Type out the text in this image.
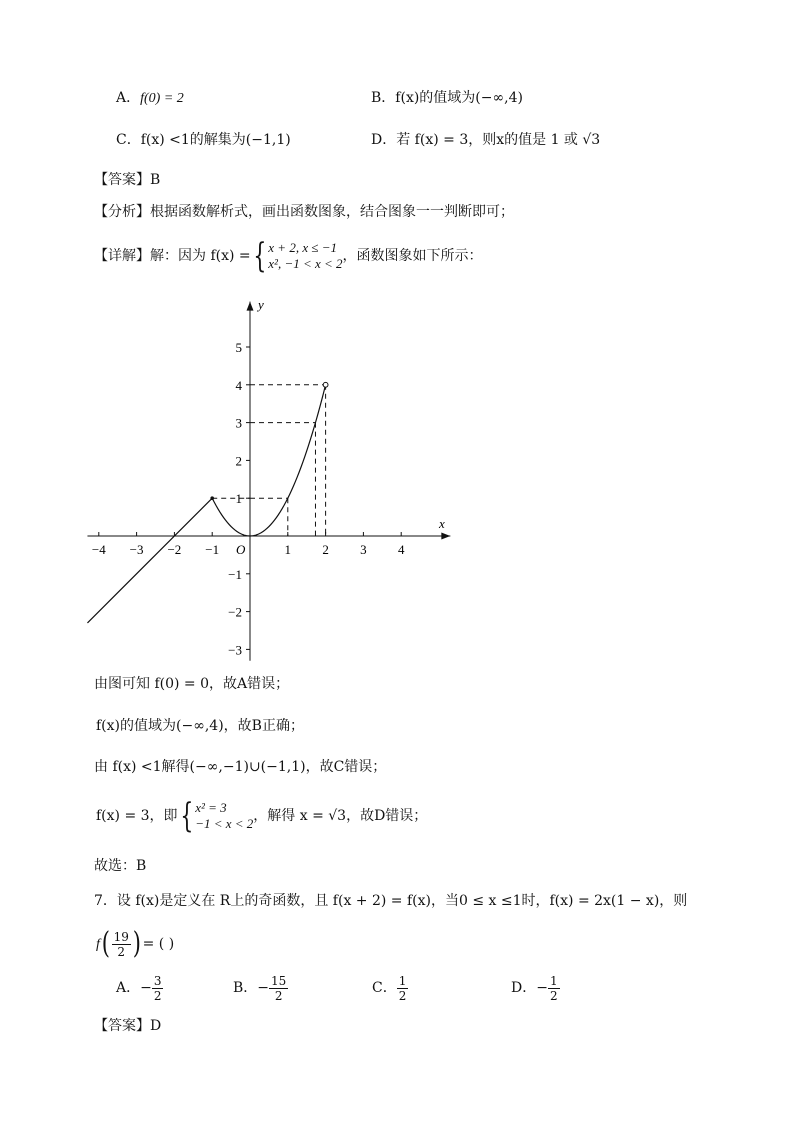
A．f(0) = 2	B．f(x)的值域为(−∞,4)
C．f(x) <1的解集为(−1,1)	D．若 f(x) = 3，则x的值是 1 或 √3
【答案】B
【分析】根据函数解析式，画出函数图象，结合图象一一判断即可；
【详解】解：因为 f(x) ={ x + 2, x ≤ −1
x², −1 < x < 2 ，函数图象如下所示：
x
y
O
−4 −3 −2 −1	1 2 3 4
−3
−2
−1
1
2
3
4
5
由图可知 f(0) = 0，故A错误；
f(x)的值域为(−∞,4)，故B正确；
由 f(x) <1解得(−∞,−1)∪(−1,1)，故C错误；
f(x) = 3，即{ x² = 3
−1 < x < 2 ，解得 x = √3，故D错误；
故选：B
7．设 f(x)是定义在 R上的奇函数，且 f(x + 2) = f(x)，当0 ≤ x ≤1时，f(x) = 2x(1 − x)，则
$f( \frac{19}{2}$ ) = ( )
A．− $\frac{3}{2}$	B．− $\frac{15}{2}$	C． $\frac{1}{2}$	D．− $\frac{1}{2}$
【答案】D
